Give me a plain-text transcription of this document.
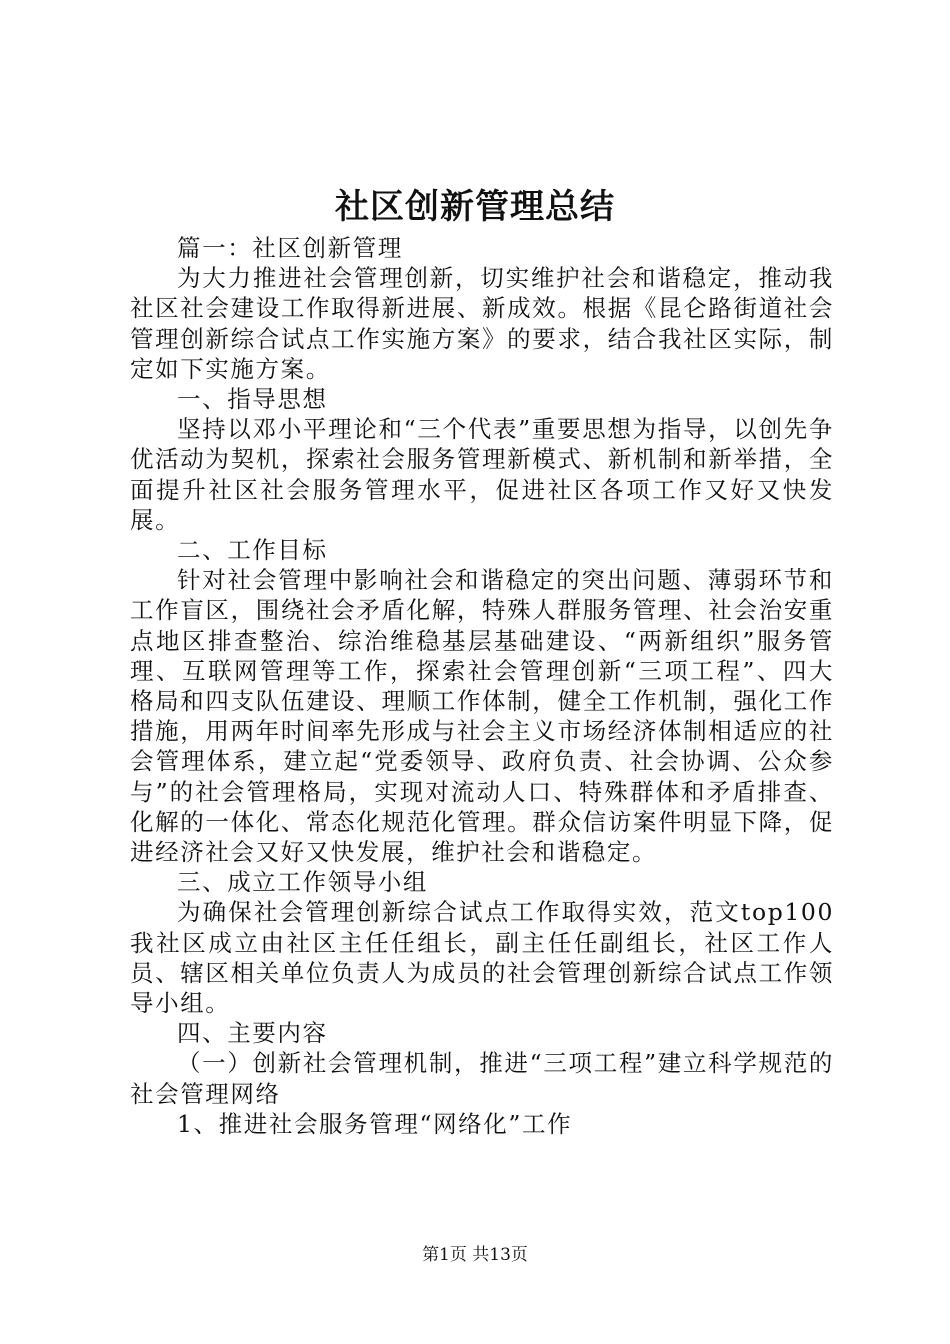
社区创新管理总结

篇一：社区创新管理

为大力推进社会管理创新，切实维护社会和谐稳定，推动我社区社会建设工作取得新进展、新成效。根据《昆仑路街道社会管理创新综合试点工作实施方案》的要求，结合我社区实际，制定如下实施方案。

一、指导思想

坚持以邓小平理论和“三个代表”重要思想为指导，以创先争优活动为契机，探索社会服务管理新模式、新机制和新举措，全面提升社区社会服务管理水平，促进社区各项工作又好又快发展。

二、工作目标

针对社会管理中影响社会和谐稳定的突出问题、薄弱环节和工作盲区，围绕社会矛盾化解，特殊人群服务管理、社会治安重点地区排查整治、综治维稳基层基础建设、“两新组织”服务管理、互联网管理等工作，探索社会管理创新“三项工程”、四大格局和四支队伍建设、理顺工作体制，健全工作机制，强化工作措施，用两年时间率先形成与社会主义市场经济体制相适应的社会管理体系，建立起“党委领导、政府负责、社会协调、公众参与”的社会管理格局，实现对流动人口、特殊群体和矛盾排查、化解的一体化、常态化规范化管理。群众信访案件明显下降，促进经济社会又好又快发展，维护社会和谐稳定。

三、成立工作领导小组

为确保社会管理创新综合试点工作取得实效，范文top100我社区成立由社区主任任组长，副主任任副组长，社区工作人员、辖区相关单位负责人为成员的社会管理创新综合试点工作领导小组。

四、主要内容

（一）创新社会管理机制，推进“三项工程”建立科学规范的社会管理网络

1、推进社会服务管理“网络化”工作

第1页 共13页
